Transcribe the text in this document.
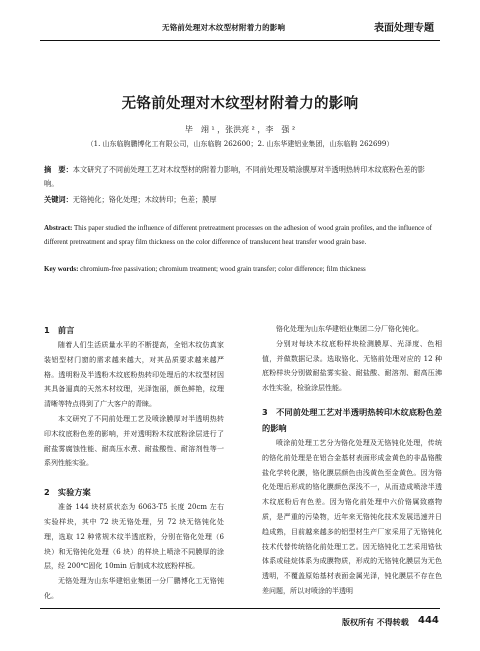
无铬前处理对木纹型材附着力的影响	表面处理专题
无铬前处理对木纹型材附着力的影响
毕　翊 ¹ ，张洪亮 ² ，李　强 ²
（1. 山东临朐鹏博化工有限公司，山东临朐 262600；2. 山东华建铝业集团，山东临朐 262699）
摘　要：本文研究了不同前处理工艺对木纹型材的附着力影响，不同前处理及喷涂膜厚对半透明热转印木纹底粉色差的影响。
关键词：无铬钝化；铬化处理；木纹转印；色差；膜厚
Abstract: This paper studied the influence of different pretreatment processes on the adhesion of wood grain profiles, and the influence of different pretreatment and spray film thickness on the color difference of translucent heat transfer wood grain base.
Key words: chromium-free passivation; chromium treatment; wood grain transfer; color difference; film thickness
1　前言

随着人们生活质量水平的不断提高，全铝木纹仿真家装铝型材门窗的需求越来越大，对其品质要求越来越严格。透明粉及半透粉木纹底粉热转印处理后的木纹型材因其具备逼真的天然木材纹理，光泽饱丽，颜色鲜艳，纹理清晰等特点得到了广大客户的青睐。

本文研究了不同前处理工艺及喷涂膜厚对半透明热转印木纹底粉色差的影响，并对透明粉木纹底粉涂层进行了耐盐雾腐蚀性能、耐高压水煮、耐盐酸性、耐溶剂性等一系列性能实验。

2　实验方案

准备 144 块材质状态为 6063-T5 长度 20cm 左右实验样块，其中 72 块无铬处理，另 72 块无铬钝化处理，选取 12 种常规木纹半透底粉，分别在铬化处理（6 块）和无铬钝化处理（6 块）的样块上喷涂不同膜厚的涂层，经 200℃固化 10min 后制成木纹底粉样板。

无铬处理为山东华建铝业集团一分厂鹏博化工无铬钝化。

铬化处理为山东华建铝业集团二分厂铬化钝化。

分别对每块木纹底粉样块检测膜厚、光泽度、色相值，并做数据记录。选取铬化、无铬前处理对应的 12 种底粉样块分别做耐盐雾实验、耐盐酸、耐溶剂、耐高压沸水性实验，检验涂层性能。

3　不同前处理工艺对半透明热转印木纹底粉色差的影响

喷涂前处理工艺分为铬化处理及无铬钝化处理，传统的铬化前处理是在铝合金基材表面形成金黄色的非晶铬酸盐化学转化膜，铬化膜层颜色由浅黄色至金黄色。因为铬化处理后形成的铬化膜颜色深浅不一，从而造成喷涂半透木纹底粉后有色差。因为铬化前处理中六价铬属致癌物质，是严重的污染物，近年来无铬钝化技术发展迅速并日趋成熟，目前越来越多的铝型材生产厂家采用了无铬钝化技术代替传统铬化前处理工艺。因无铬钝化工艺采用锆钛体系或硅烷体系为成膜物质，形成的无铬钝化膜层为无色透明，不覆盖原始基材表面金属光泽，钝化膜层不存在色差问题，所以对喷涂的半透明

版权所有 不得转载 444
